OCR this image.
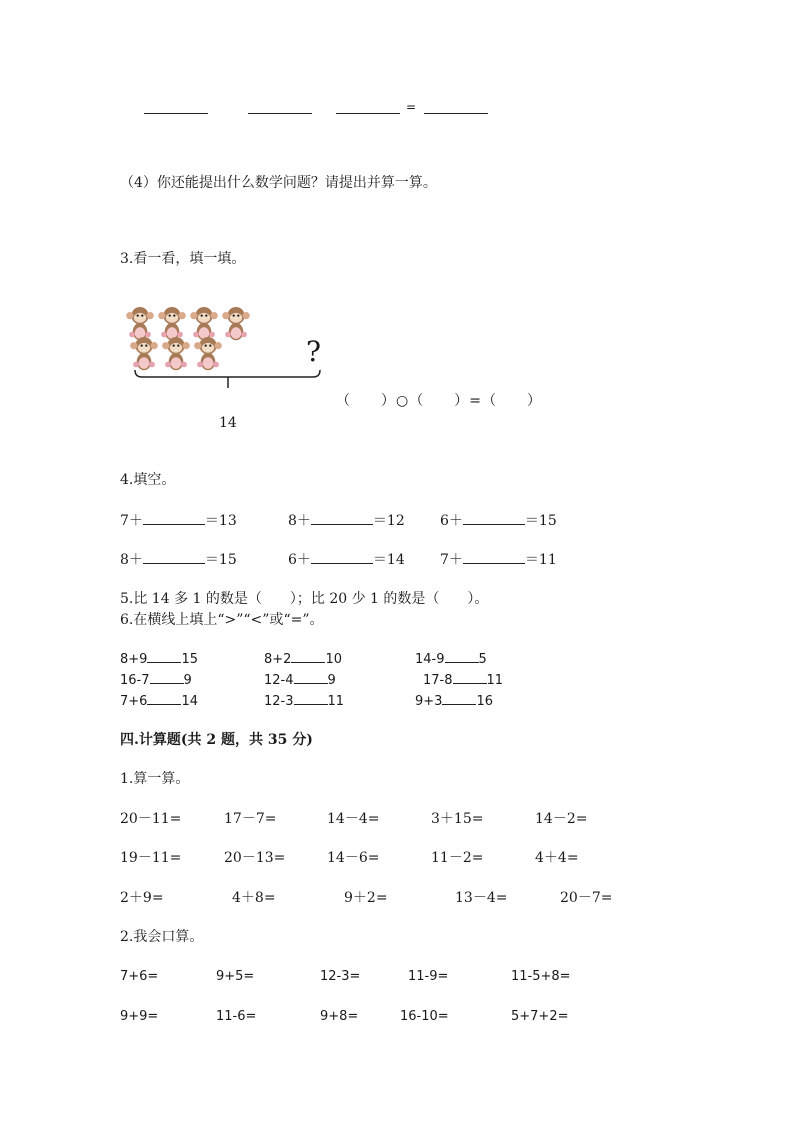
=
（4）你还能提出什么数学问题？请提出并算一算。
3.看一看，填一填。
?
14
（　　）○（　　）=（　　）
4.填空。
7＋	＝13	8＋	＝12	6＋	＝15
8＋	＝15	6＋	＝14	7＋	＝11
5.比 14 多 1 的数是（　　）；比 20 少 1 的数是（　　）。
6.在横线上填上“>”“<”或“=”。
8+9	15	8+2	10	14-9	5
16-7	9	12-4	9	17-8	11
7+6	14	12-3	11	9+3	16
四.计算题(共 2 题，共 35 分)
1.算一算。
20－11=	17－7=	14－4=	3＋15=	14－2=
19－11=	20－13=	14－6=	11－2=	4＋4=
2＋9=	4＋8=	9＋2=	13－4=	20－7=
2.我会口算。
7+6=	9+5=	12-3=	11-9=	11-5+8=
9+9=	11-6=	9+8=	16-10=	5+7+2=
